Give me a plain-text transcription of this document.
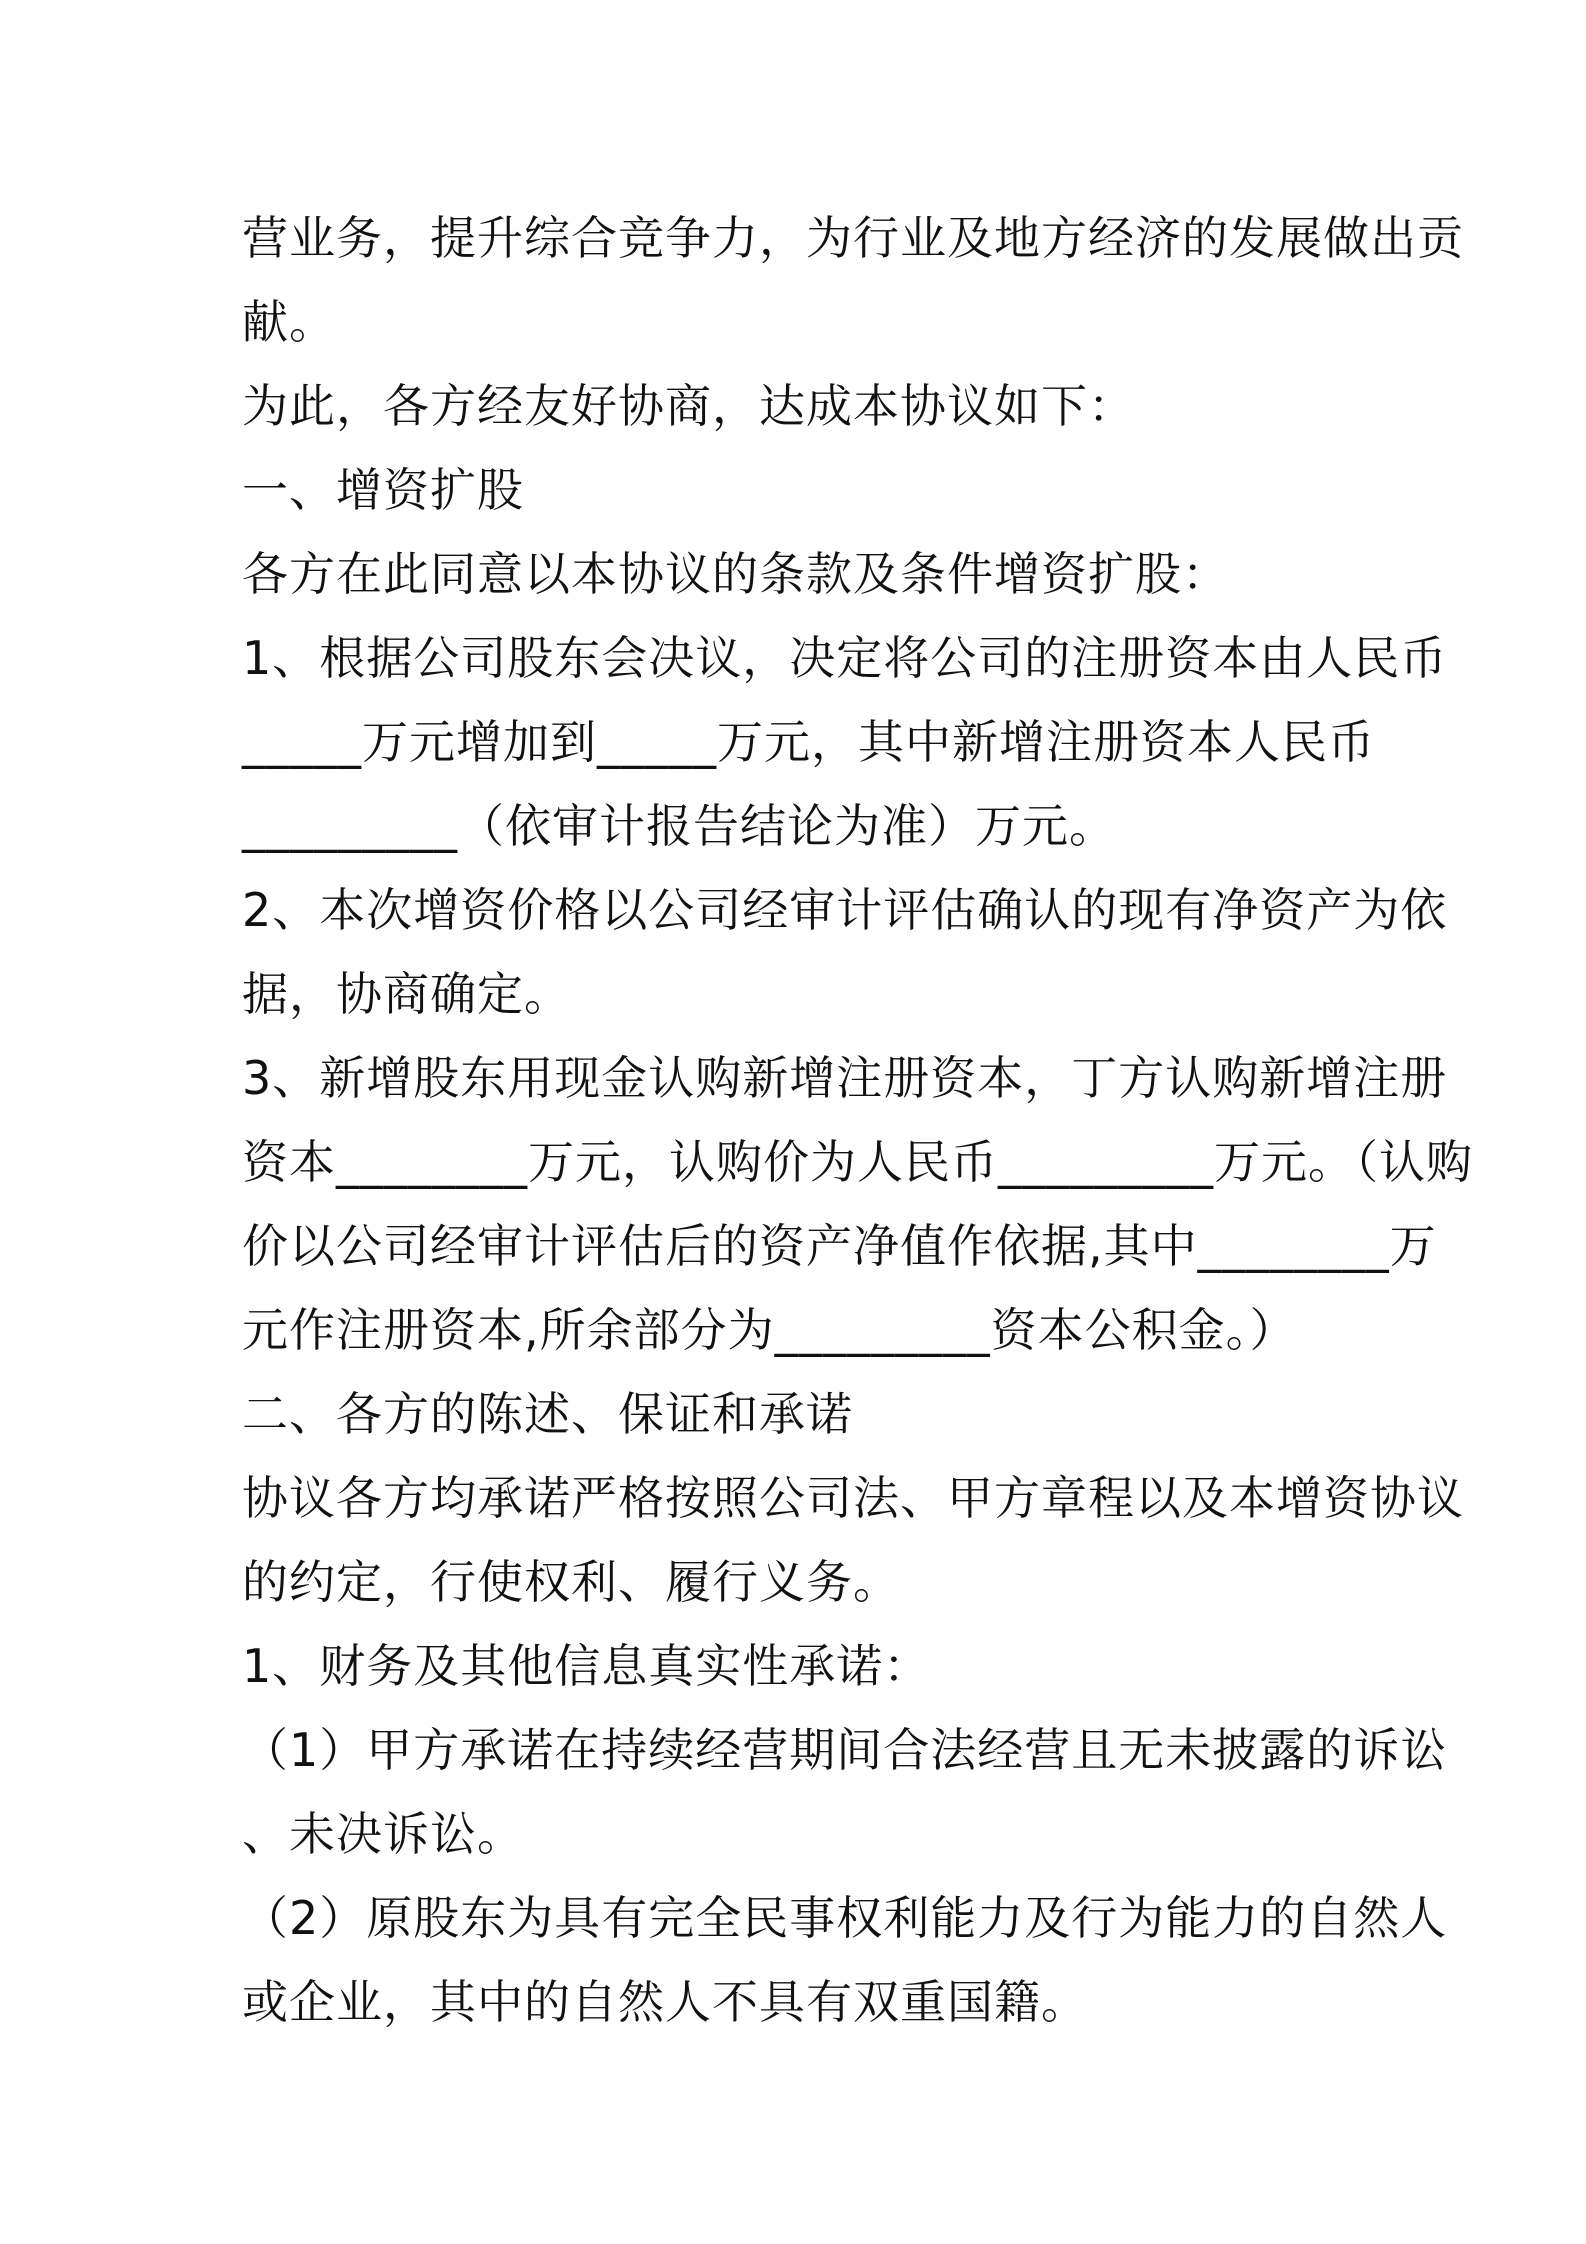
营业务，提升综合竞争力，为行业及地方经济的发展做出贡
献。
为此，各方经友好协商，达成本协议如下：
一、增资扩股
各方在此同意以本协议的条款及条件增资扩股：
1、根据公司股东会决议，决定将公司的注册资本由人民币
_____万元增加到_____万元，其中新增注册资本人民币
_________（依审计报告结论为准）万元。
2、本次增资价格以公司经审计评估确认的现有净资产为依
据，协商确定。
3、新增股东用现金认购新增注册资本，丁方认购新增注册
资本________万元，认购价为人民币_________万元。（认购
价以公司经审计评估后的资产净值作依据,其中________万
元作注册资本,所余部分为_________资本公积金。）
二、各方的陈述、保证和承诺
协议各方均承诺严格按照公司法、甲方章程以及本增资协议
的约定，行使权利、履行义务。
1、财务及其他信息真实性承诺：
（1）甲方承诺在持续经营期间合法经营且无未披露的诉讼
、未决诉讼。
（2）原股东为具有完全民事权利能力及行为能力的自然人
或企业，其中的自然人不具有双重国籍。
